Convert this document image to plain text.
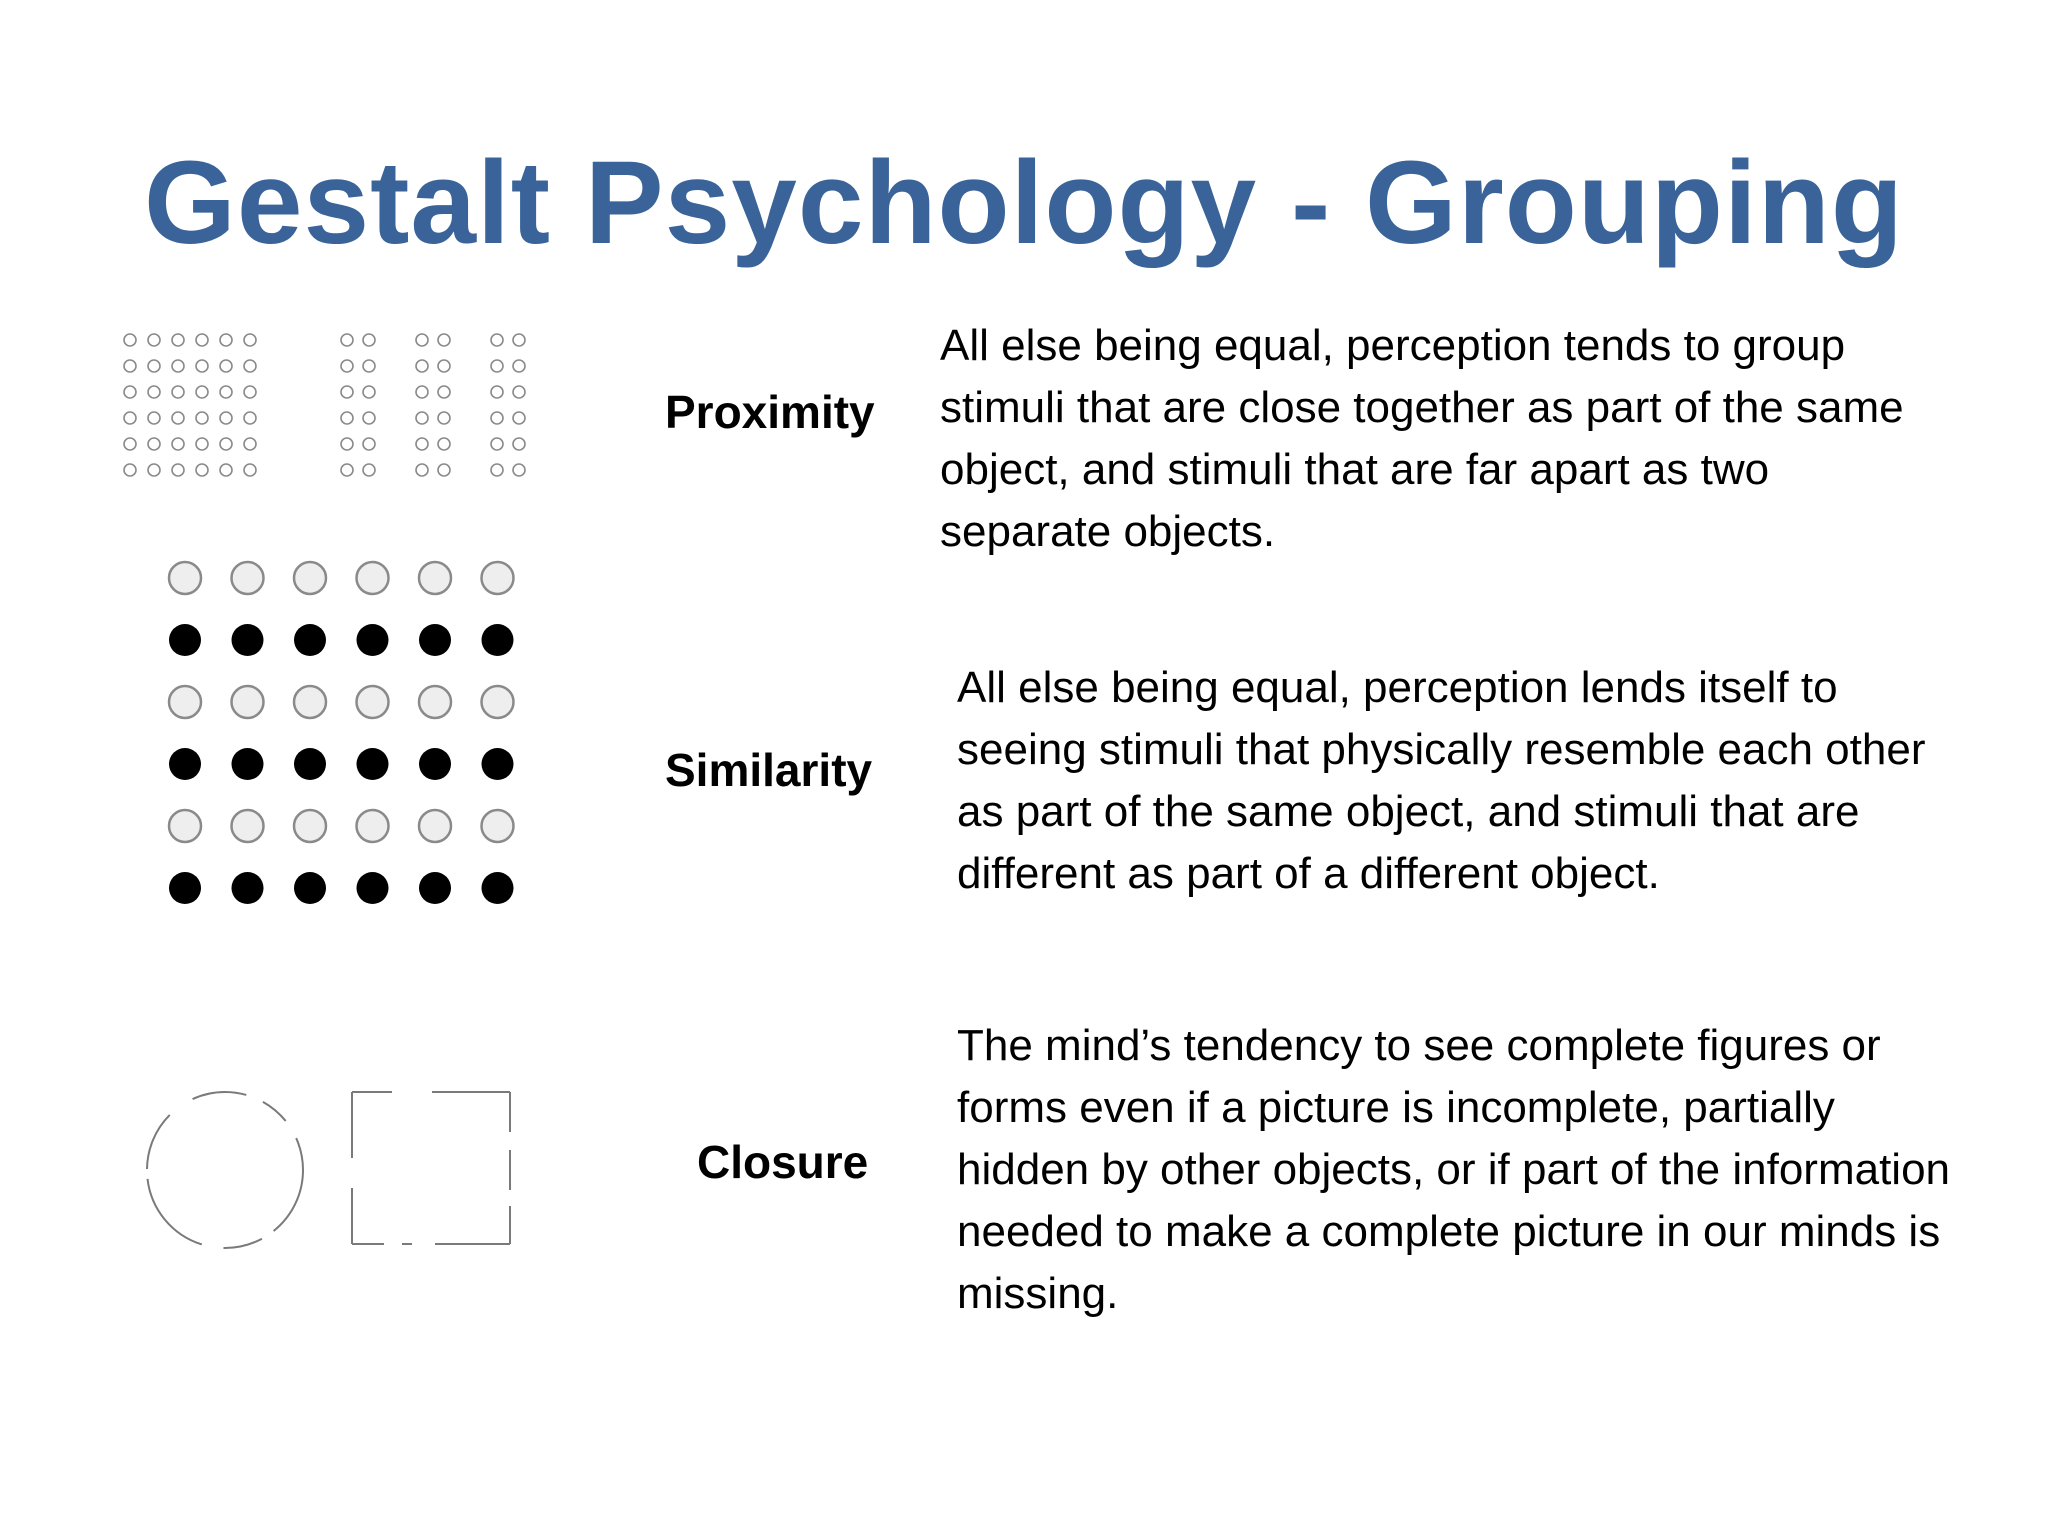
Gestalt Psychology - Grouping
Proximity
Similarity
Closure
All else being equal, perception tends to group stimuli that are close together as part of the same object, and stimuli that are far apart as two separate objects.
All else being equal, perception lends itself to seeing stimuli that physically resemble each other as part of the same object, and stimuli that are different as part of a different object.
The mind’s tendency to see complete figures or forms even if a picture is incomplete, partially hidden by other objects, or if part of the information needed to make a complete picture in our minds is missing.
